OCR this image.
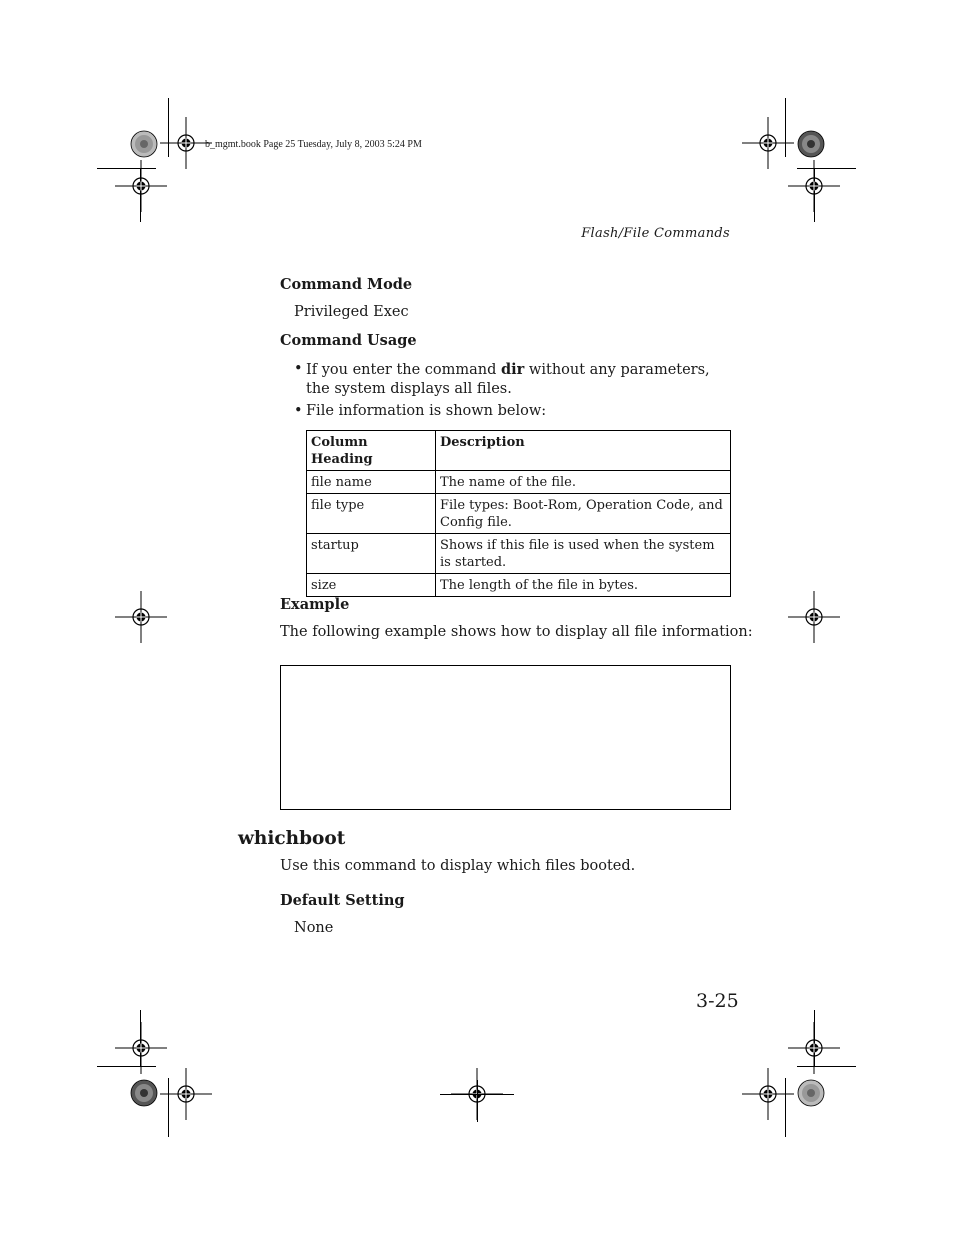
b_mgmt.book Page 25 Tuesday, July 8, 2003 5:24 PM
Flash/File Commands
Command Mode
Privileged Exec
Command Usage
• If you enter the command dir without any parameters, the system displays all files.
• File information is shown below:
Column Heading	Description
file name	The name of the file.
file type	File types: Boot-Rom, Operation Code, and Config file.
startup	Shows if this file is used when the system is started.
size	The length of the file in bytes.
Example
The following example shows how to display all file information:
whichboot
Use this command to display which files booted.
Default Setting
None
3-25
